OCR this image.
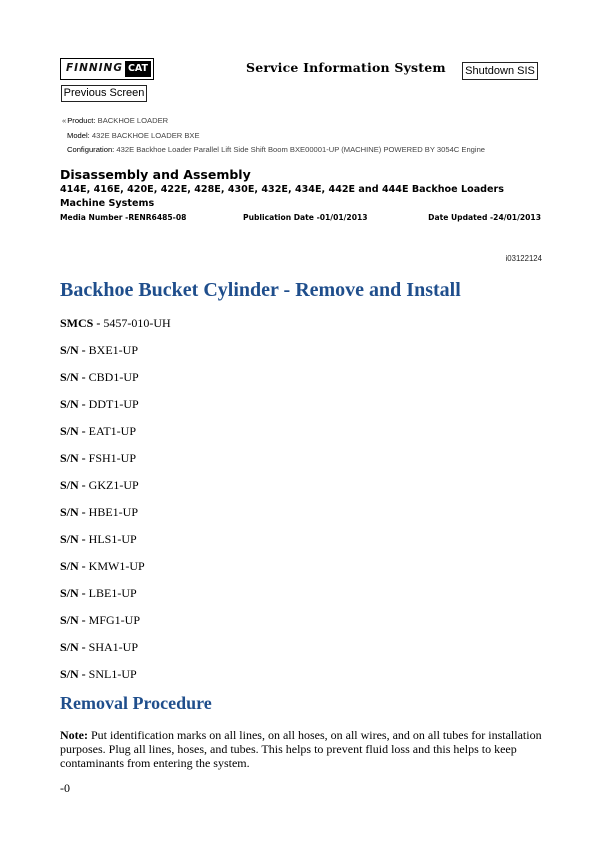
FINNING CAT	Service Information System Shutdown SIS
Previous Screen
«Product: BACKHOE LOADER
Model: 432E BACKHOE LOADER BXE
Configuration: 432E Backhoe Loader Parallel Lift Side Shift Boom BXE00001-UP (MACHINE) POWERED BY 3054C Engine
Disassembly and Assembly
414E, 416E, 420E, 422E, 428E, 430E, 432E, 434E, 442E and 444E Backhoe Loaders
Machine Systems
Media Number -RENR6485-08	Publication Date -01/01/2013	Date Updated -24/01/2013
i03122124
Backhoe Bucket Cylinder - Remove and Install
SMCS - 5457-010-UH
S/N - BXE1-UP
S/N - CBD1-UP
S/N - DDT1-UP
S/N - EAT1-UP
S/N - FSH1-UP
S/N - GKZ1-UP
S/N - HBE1-UP
S/N - HLS1-UP
S/N - KMW1-UP
S/N - LBE1-UP
S/N - MFG1-UP
S/N - SHA1-UP
S/N - SNL1-UP
Removal Procedure
Note: Put identification marks on all lines, on all hoses, on all wires, and on all tubes for installation purposes. Plug all lines, hoses, and tubes. This helps to prevent fluid loss and this helps to keep contaminants from entering the system.
-0
